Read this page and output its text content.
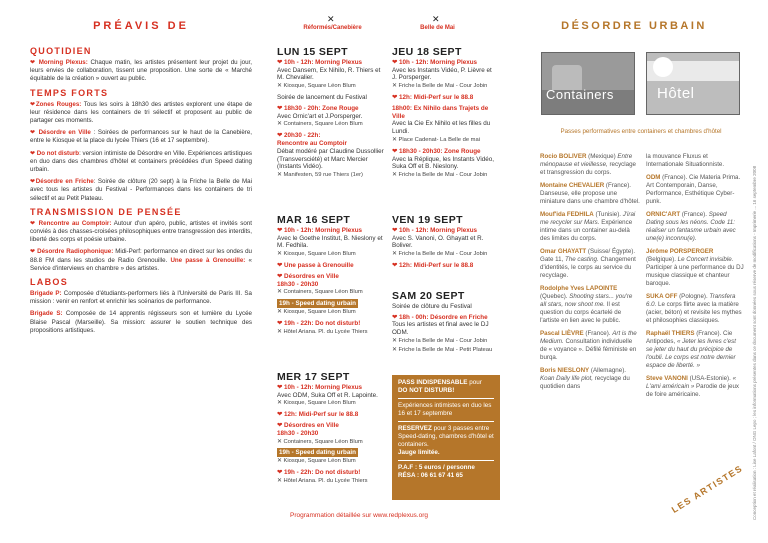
PRÉAVIS DE
QUOTIDIEN

❤ Morning Plexus: Chaque matin, les artistes présentent leur projet du jour, leurs envies de collaboration, tissent une proposition. Une sorte de « Marché équitable de la création » ouvert au public.

TEMPS FORTS

❤Zones Rouges: Tous les soirs à 18h30 des artistes explorent une étape de leur résidence dans les containers de tri sélectif et proposent au public de partager ces moments.

❤ Désordre en Ville : Soirées de performances sur le haut de la Canebière, entre le Kiosque et la place du lycée Thiers (16 et 17 septembre).

❤ Do not disturb: version intimiste de Désordre en Ville. Expériences artistiques en duo dans des chambres d'hôtel et containers précédées d'un Speed dating urbain.

❤Désordre en Friche: Soirée de clôture (20 sept) à la Friche la Belle de Mai avec tous les artistes du Festival - Performances dans les containers de tri sélectif et au Petit Plateau.

TRANSMISSION DE PENSÉE

❤ Rencontre au Comptoir: Autour d'un apéro, public, artistes et invités sont conviés à des chasses-croisées philosophiques entre transgression des interdits, liberté des corps et poésie urbaine.

❤ Désordre Radiophonique: Midi-Perf: performance en direct sur les ondes du 88.8 FM dans les studios de Radio Grenouille. Une passe à Grenouille: « Service d'interviews en chambre » des artistes.

LABOS

Brigade P: Composée d'étudiants-performers liés à l'Université de Paris III. Sa mission : venir en renfort et enrichir les scénarios de performance.

Brigade S: Composée de 14 apprentis régisseurs son et lumière du Lycée Blaise Pascal (Marseille). Sa mission: assurer le soutien technique des propositions artistiques.

✕
Réformés/Canebière
✕
Belle de Mai
LUN 15 SEPT
❤ 10h - 12h: Morning Plexus
Avec Dansem, Ex Nihilo, R. Thiers et M. Chevalier.
✕ Kiosque, Square Léon Blum
Soirée de lancement du Festival
❤ 18h30 - 20h: Zone Rouge
Avec Ornic'art et J.Porsperger.
✕ Containers, Square Léon Blum
❤ 20h30 - 22h:
Rencontre au Comptoir
Débat modéré par Claudine Dussollier (Transversciété) et Marc Mercier (Instants Vidéo).
✕ Manifesten, 59 rue Thiers (1er)
JEU 18 SEPT
❤ 10h - 12h: Morning Plexus
Avec les Instants Vidéo, P. Lièvre et J. Porsperger.
✕ Friche la Belle de Mai - Cour Jobin
❤ 12h: Midi-Perf sur le 88.8
18h00: Ex Nihilo dans Trajets de Ville
Avec la Cie Ex Nihilo et les filles du Lundi.
✕ Place Cadenat- La Belle de mai
❤ 18h30 - 20h30: Zone Rouge
Avec la Réplique, les Instants Vidéo, Suka Off et B. Nieslony.
✕ Friche la Belle de Mai - Cour Jobin
MAR 16 SEPT
❤ 10h - 12h: Morning Plexus
Avec le Goethe Institut, B. Nieslony et M. Fedhila.
✕ Kiosque, Square Léon Blum
❤ Une passe à Grenouille
❤ Désordres en Ville
18h30 - 20h30
✕ Containers, Square Léon Blum
19h - Speed dating urbain
✕ Kiosque, Square Léon Blum
❤ 19h - 22h: Do not disturb!
✕ Hôtel Ariana. Pl. du Lycée Thiers
VEN 19 SEPT
❤ 10h - 12h: Morning Plexus
Avec S. Vanoni, O. Ghayatt et R. Boliver.
✕ Friche la Belle de Mai - Cour Jobin
❤ 12h: Midi-Perf sur le 88.8
SAM 20 SEPT
Soirée de clôture du Festival
❤ 18h - 00h: Désordre en Friche
Tous les artistes et final avec le DJ ODM.
✕ Friche la Belle de Mai - Cour Jobin
✕ Friche la Belle de Mai - Petit Plateau
MER 17 SEPT
❤ 10h - 12h: Morning Plexus
Avec ODM, Suka Off et R. Lapointe.
✕ Kiosque, Square Léon Blum
❤ 12h: Midi-Perf sur le 88.8
❤ Désordres en Ville
18h30 - 20h30
✕ Containers, Square Léon Blum
19h - Speed dating urbain
✕ Kiosque, Square Léon Blum
❤ 19h - 22h: Do not disturb!
✕ Hôtel Ariana. Pl. du Lycée Thiers
PASS INDISPENSABLE pour
DO NOT DISTURB!
Expériences intimistes en duo les 16 et 17 septembre
RESERVEZ pour 3 passes entre Speed-dating, chambres d'hôtel et containers.
Jauge limitée.
P.A.F : 5 euros / personne
RÉSA : 06 61 67 41 65
Programmation détaillée sur www.redplexus.org
DÉSORDRE URBAIN
Containers	Hôtel
Passes performatives entre containers et chambres d'hôtel
Rocio BOLIVER (Mexique) Entre ménopause et vieillesse, recyclage et transgression du corps.
Montaine CHEVALIER (France). Danseuse, elle propose une miniature dans une chambre d'hôtel.
Mouf'ida FEDHILA (Tunisie). J'irai me recycler sur Mars. Expérience intime dans un container au-delà des limites du corps.
Omar GHAYATT (Suisse/ Égypte). Gate 11, The casting. Changement d'identités, le corps au service du recyclage.
Rodolphe Yves LAPOINTE (Quebec). Shooting stars... you're all stars, now shoot me. Il est question du corps écartelé de l'artiste en lien avec le public.
Pascal LIÈVRE (France). Art is the Medium. Consultation individuelle de « voyance ». Défilé féministe en burqa.
Boris NIESLONY (Allemagne). Koan Daily life plot, recyclage du quotidien dans
la mouvance Fluxus et Internationale Situationniste.
ODM (France). Cie Materia Prima. Art Contemporain, Danse, Performance, Esthétique Cyber-punk.
ORNIC'ART (France). Speed Dating sous les néons. Code 11: réaliser un fantasme urbain avec une(e) inconnu(e).
Jérôme PORSPERGER (Belgique). Le Concert invisible. Participer à une performance du DJ musique classique et chanteur baroque.
SUKA OFF (Pologne). Transfera 6.0. Le corps flirte avec la matière (acier, béton) et revisite les mythes et philosophies classiques.
Raphaël THIERS (France). Cie Antipodes, « Jeter les livres c'est se jeter du haut du précipice de l'oubli. Le corps est notre dernier espace de liberté. »
Steve VANONI (USA-Estonie). « L'ami américain » Parodie de jeux de foire américaine.
LES ARTISTES Conception et réalisation : Lise Lafont / ONG Lepo ; les informations présentes dans ce document sont données sous réserve de modifications - Imprimerie ... 16 septembre 2008
